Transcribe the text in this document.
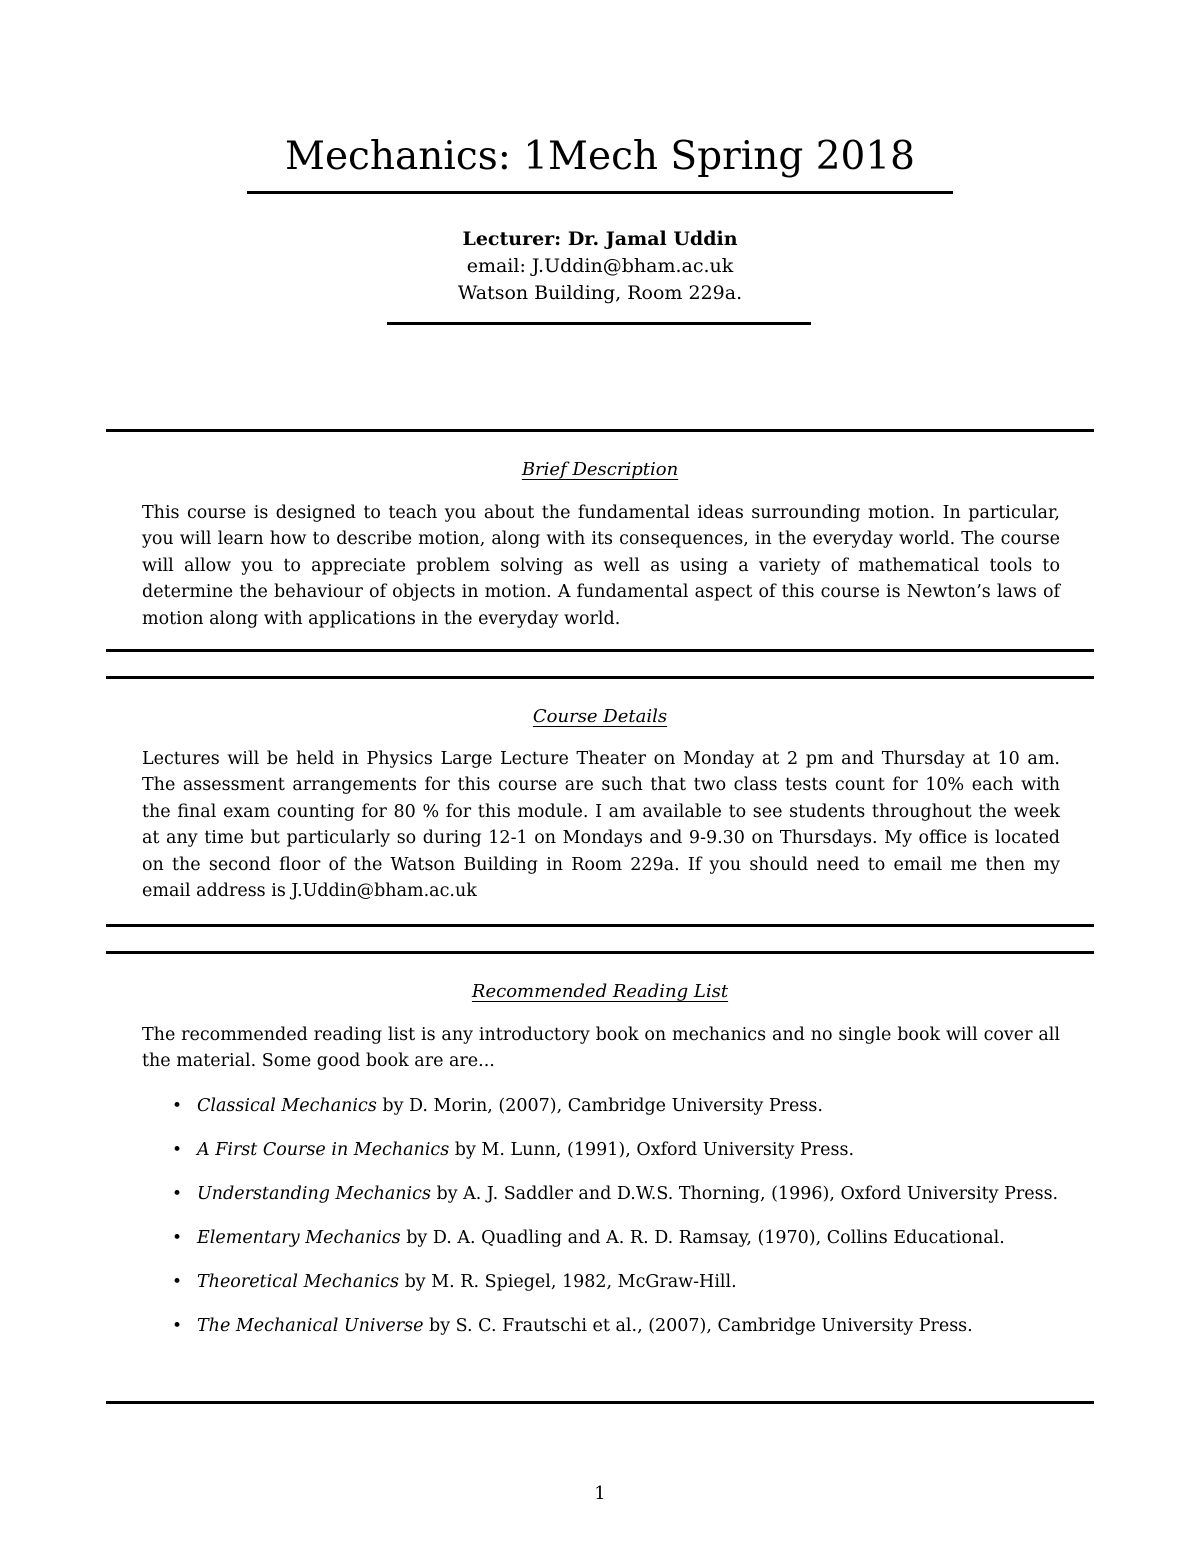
Mechanics: 1Mech Spring 2018
Lecturer: Dr. Jamal Uddin
email: J.Uddin@bham.ac.uk
Watson Building, Room 229a.
Brief Description
This course is designed to teach you about the fundamental ideas surrounding motion. In particular, you will learn how to describe motion, along with its consequences, in the everyday world. The course will allow you to appreciate problem solving as well as using a variety of mathematical tools to determine the behaviour of objects in motion. A fundamental aspect of this course is Newton’s laws of motion along with applications in the everyday world.
Course Details
Lectures will be held in Physics Large Lecture Theater on Monday at 2 pm and Thursday at 10 am. The assessment arrangements for this course are such that two class tests count for 10% each with the final exam counting for 80 % for this module. I am available to see students throughout the week at any time but particularly so during 12-1 on Mondays and 9-9.30 on Thursdays. My office is located on the second floor of the Watson Building in Room 229a. If you should need to email me then my email address is J.Uddin@bham.ac.uk
Recommended Reading List
The recommended reading list is any introductory book on mechanics and no single book will cover all the material. Some good book are are...
• Classical Mechanics by D. Morin, (2007), Cambridge University Press.
• A First Course in Mechanics by M. Lunn, (1991), Oxford University Press.
• Understanding Mechanics by A. J. Saddler and D.W.S. Thorning, (1996), Oxford University Press.
• Elementary Mechanics by D. A. Quadling and A. R. D. Ramsay, (1970), Collins Educational.
• Theoretical Mechanics by M. R. Spiegel, 1982, McGraw-Hill.
• The Mechanical Universe by S. C. Frautschi et al., (2007), Cambridge University Press.
1
